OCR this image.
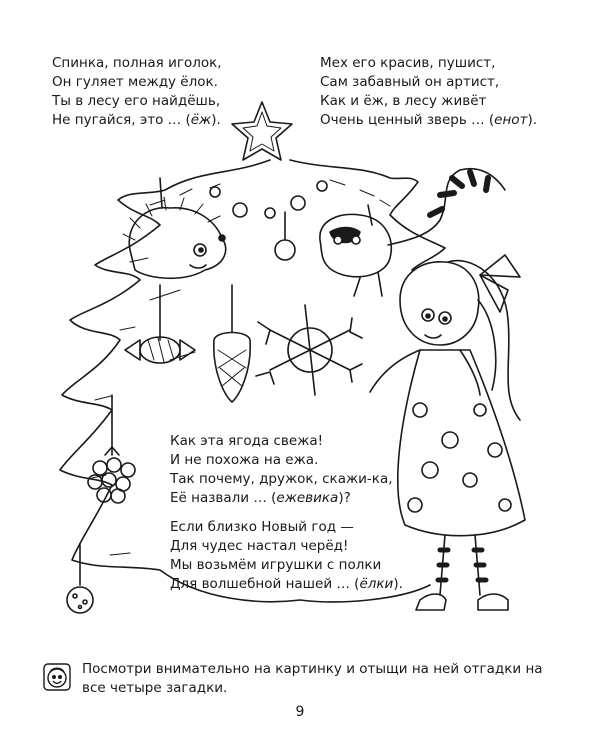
Спинка, полная иголок,
Он гуляет между ёлок.
Ты в лесу его найдёшь,
Не пугайся, это … (ёж).
Мех его красив, пушист,
Сам забавный он артист,
Как и ёж, в лесу живёт
Очень ценный зверь … (енот).
Как эта ягода свежа!
И не похожа на ежа.
Так почему, дружок, скажи-ка,
Её назвали … (ежевика)?
Если близко Новый год —
Для чудес настал черёд!
Мы возьмём игрушки с полки
Для волшебной нашей … (ёлки).
Посмотри внимательно на картинку и отыщи на ней отгадки на все четыре загадки.
9
